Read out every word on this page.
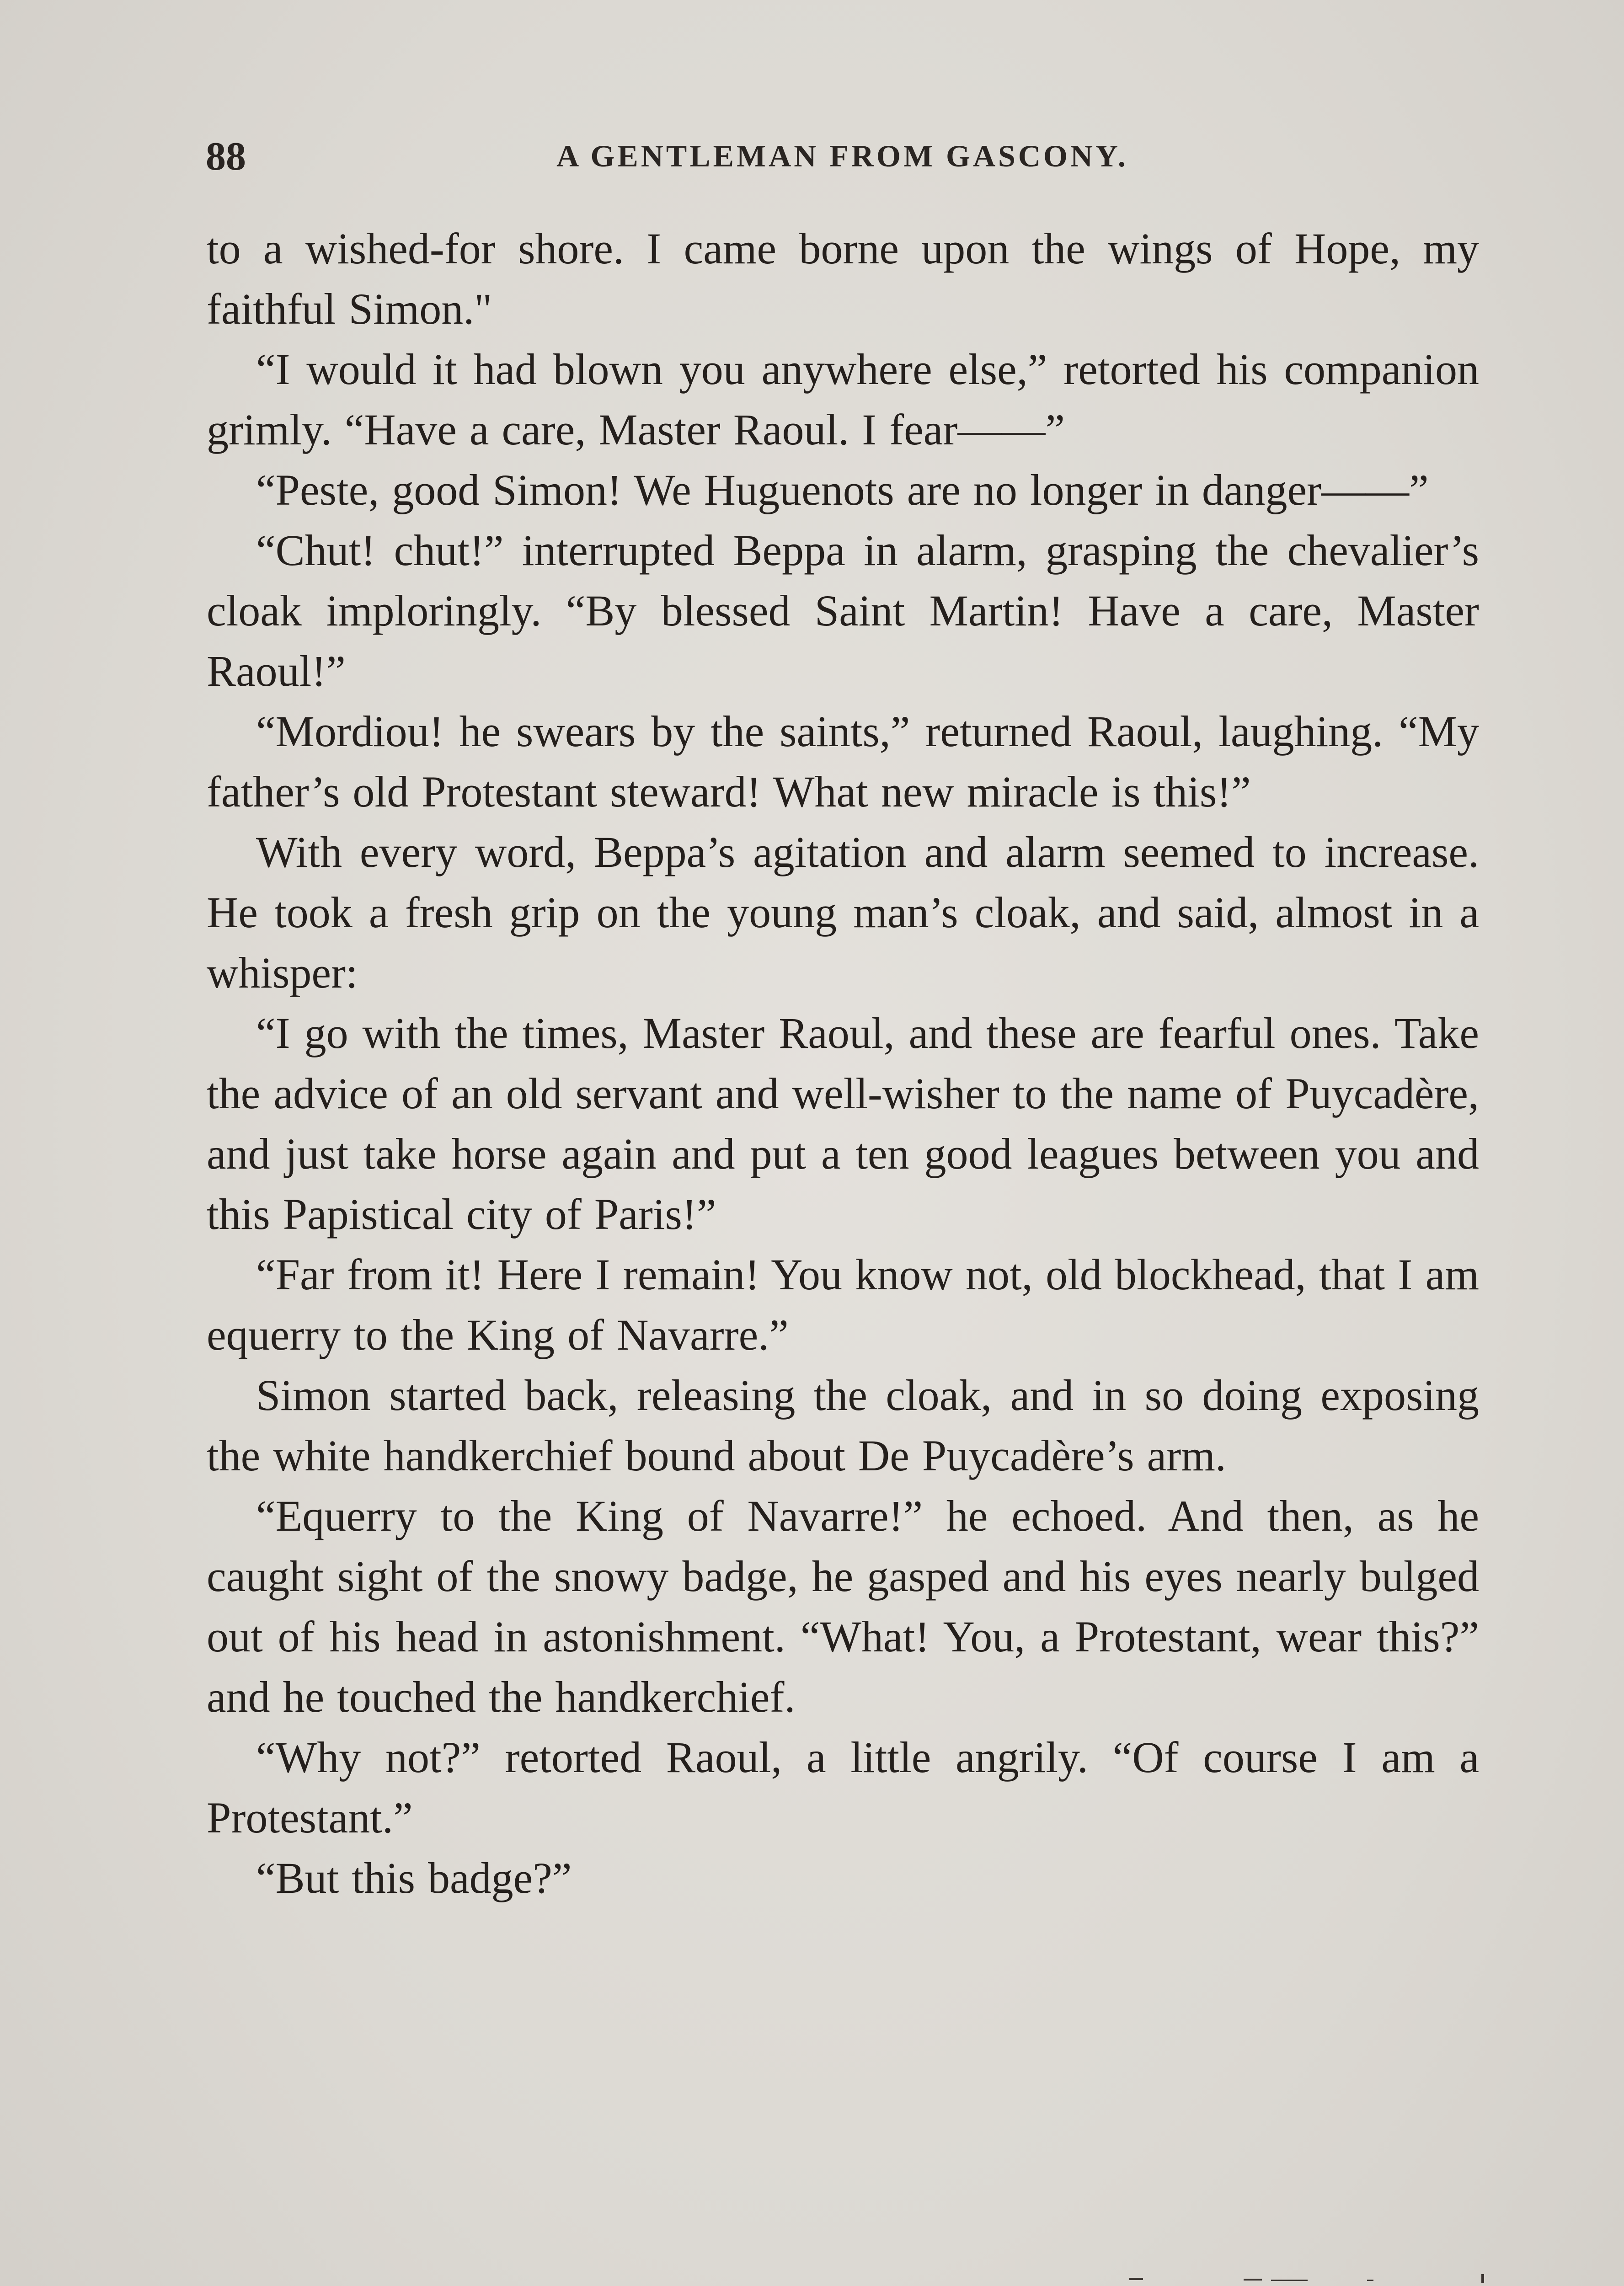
88	A GENTLEMAN FROM GASCONY.

to a wished-for shore. I came borne upon the wings of Hope, my faithful Simon."

“I would it had blown you anywhere else,” retorted his companion grimly. “Have a care, Master Raoul. I fear——”

“Peste, good Simon! We Huguenots are no longer in danger——”

“Chut! chut!” interrupted Beppa in alarm, grasping the chevalier’s cloak imploringly. “By blessed Saint Martin! Have a care, Master Raoul!”

“Mordiou! he swears by the saints,” returned Raoul, laughing. “My father’s old Protestant steward! What new miracle is this!”

With every word, Beppa’s agitation and alarm seemed to increase. He took a fresh grip on the young man’s cloak, and said, almost in a whisper:

“I go with the times, Master Raoul, and these are fearful ones. Take the advice of an old servant and well-wisher to the name of Puycadère, and just take horse again and put a ten good leagues between you and this Papistical city of Paris!”

“Far from it! Here I remain! You know not, old blockhead, that I am equerry to the King of Navarre.”

Simon started back, releasing the cloak, and in so doing exposing the white handkerchief bound about De Puycadère’s arm.

“Equerry to the King of Navarre!” he echoed. And then, as he caught sight of the snowy badge, he gasped and his eyes nearly bulged out of his head in astonishment. “What! You, a Protestant, wear this?” and he touched the handkerchief.

“Why not?” retorted Raoul, a little angrily. “Of course I am a Protestant.”

“But this badge?”
